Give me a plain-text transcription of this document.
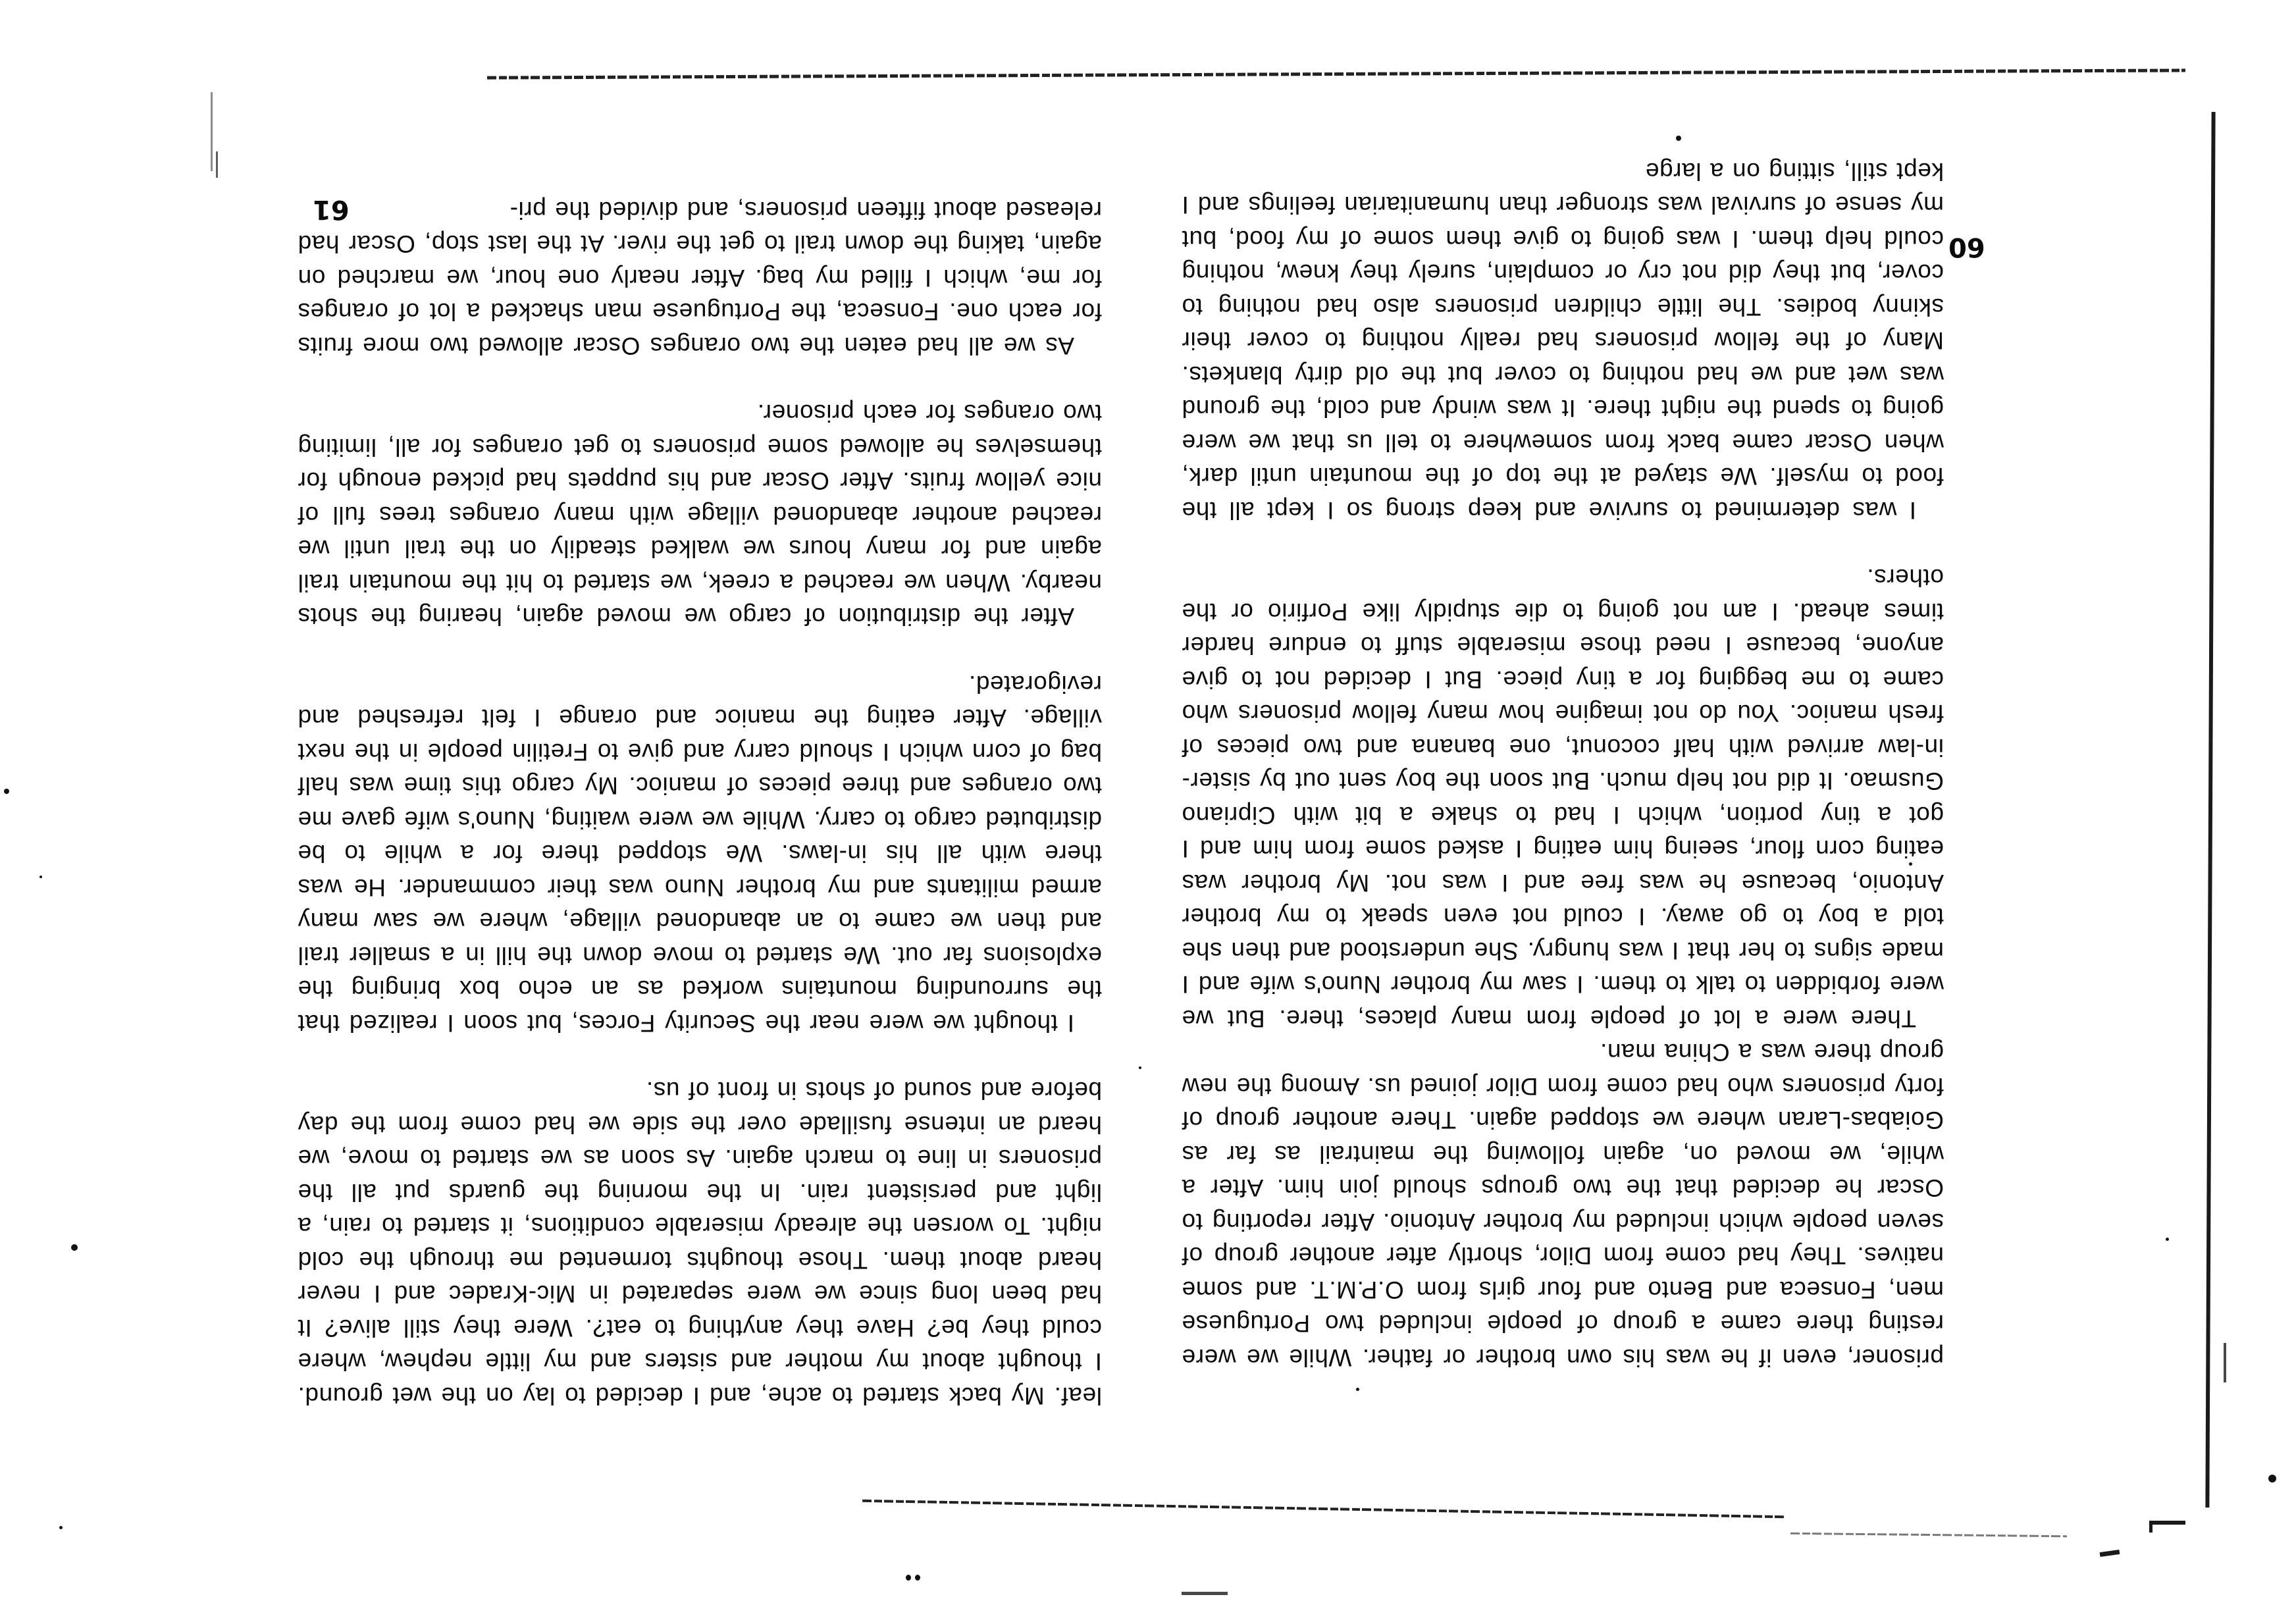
61
60

prisoner, even if he was his own brother or father. While we were resting there came a group of people included two Portuguese men, Fonseca and Bento and four girls from O.P.M.T. and some natives. They had come from Dilor, shortly after another group of seven people which included my brother Antonio. After reporting to Oscar he decided that the two groups should join him. After a while, we moved on, again following the maintrail as far as Goiabas-Laran where we stopped again. There another group of forty prisoners who had come from Dilor joined us. Among the new group there was a China man.

There were a lot of people from many places, there. But we were forbidden to talk to them. I saw my brother Nuno's wife and I made signs to her that I was hungry. She understood and then she told a boy to go away. I could not even speak to my brother Antonio, because he was free and I was not. My brother was eating corn flour, seeing him eating I asked some from him and I got a tiny portion, which I had to shake a bit with Cipriano Gusmao. It did not help much. But soon the boy sent out by sister-in-law arrived with half coconut, one banana and two pieces of fresh manioc. You do not imagine how many fellow prisoners who came to me begging for a tiny piece. But I decided not to give anyone, because I need those miserable stuff to endure harder times ahead. I am not going to die stupidly like Porfirio or the others.

I was determined to survive and keep strong so I kept all the food to myself. We stayed at the top of the mountain until dark, when Oscar came back from somewhere to tell us that we were going to spend the night there. It was windy and cold, the ground was wet and we had nothing to cover but the old dirty blankets. Many of the fellow prisoners had really nothing to cover their skinny bodies. The little children prisoners also had nothing to cover, but they did not cry or complain, surely they knew, nothing could help them. I was going to give them some of my food, but my sense of survival was stronger than humanitarian feelings and I kept still, sitting on a large

leaf. My back started to ache, and I decided to lay on the wet ground. I thought about my mother and sisters and my little nephew, where could they be? Have they anything to eat?. Were they still alive? It had been long since we were separated in Mic-Kradec and I never heard about them. Those thoughts tormented me through the cold night. To worsen the already miserable conditions, it started to rain, a light and persistent rain. In the morning the guards put all the prisoners in line to march again. As soon as we started to move, we heard an intense fusillade over the side we had come from the day before and sound of shots in front of us.

I thought we were near the Security Forces, but soon I realized that the surrounding mountains worked as an echo box bringing the explosions far out. We started to move down the hill in a smaller trail and then we came to an abandoned village, where we saw many armed militants and my brother Nuno was their commander. He was there with all his in-laws. We stopped there for a while to be distributed cargo to carry. While we were waiting, Nuno's wife gave me two oranges and three pieces of manioc. My cargo this time was half bag of corn which I should carry and give to Fretilin people in the next village. After eating the manioc and orange I felt refreshed and revigorated.

After the distribution of cargo we moved again, hearing the shots nearby. When we reached a creek, we started to hit the mountain trail again and for many hours we walked steadily on the trail until we reached another abandoned village with many oranges trees full of nice yellow fruits. After Oscar and his puppets had picked enough for themselves he allowed some prisoners to get oranges for all, limiting two oranges for each prisoner.

As we all had eaten the two oranges Oscar allowed two more fruits for each one. Fonseca, the Portuguese man shacked a lot of oranges for me, which I filled my bag. After nearly one hour, we marched on again, taking the down trail to get the river. At the last stop, Oscar had released about fifteen prisoners, and divided the pri-
